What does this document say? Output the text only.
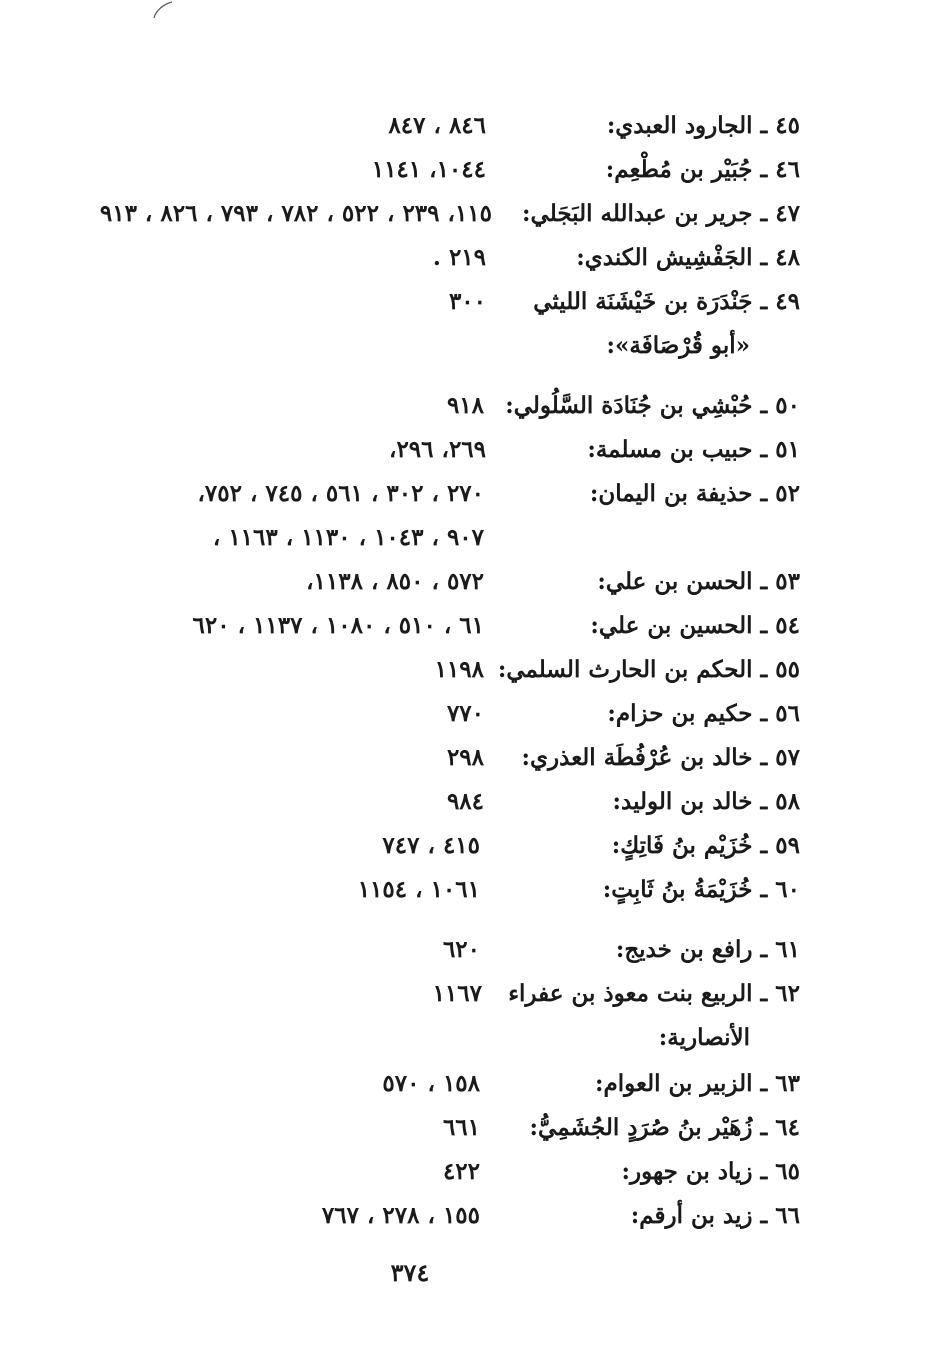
٤٥ ـ الجارود العبدي:
٨٤٦ ، ٨٤٧
٤٦ ـ جُبَيْر بن مُطْعِم:
١٠٤٤، ١١٤١
٤٧ ـ جرير بن عبدالله البَجَلي:
١١٥، ٢٣٩ ، ٥٢٢ ، ٧٨٢ ، ٧٩٣ ، ٨٢٦ ، ٩١٣
٤٨ ـ الجَفْشِيش الكندي:
٢١٩ .
٤٩ ـ جَنْدَرَة بن خَيْشَنَة الليثي
٣٠٠
«أبو قُرْصَافَة»:
٥٠ ـ حُبْشِي بن جُنَادَة السَّلُولي:
٩١٨
٥١ ـ حبيب بن مسلمة:
٢٦٩، ٢٩٦،
٥٢ ـ حذيفة بن اليمان:
٢٧٠ ، ٣٠٢ ، ٥٦١ ، ٧٤٥ ، ٧٥٢،
٩٠٧ ، ١٠٤٣ ، ١١٣٠ ، ١١٦٣ ،
٥٣ ـ الحسن بن علي:
٥٧٢ ، ٨٥٠ ، ١١٣٨،
٥٤ ـ الحسين بن علي:
٦١ ، ٥١٠ ، ١٠٨٠ ، ١١٣٧ ، ٦٢٠
٥٥ ـ الحكم بن الحارث السلمي:
١١٩٨
٥٦ ـ حكيم بن حزام:
٧٧٠
٥٧ ـ خالد بن عُرْفُطَة العذري:
٢٩٨
٥٨ ـ خالد بن الوليد:
٩٨٤
٥٩ ـ خُزَيْم بنُ فَاتِكٍ:
٤١٥ ، ٧٤٧
٦٠ ـ خُزَيْمَةُ بنُ ثَابِتٍ:
١٠٦١ ، ١١٥٤
٦١ ـ رافع بن خديج:
٦٢٠
٦٢ ـ الربيع بنت معوذ بن عفراء
١١٦٧
الأنصارية:
٦٣ ـ الزبير بن العوام:
١٥٨ ، ٥٧٠
٦٤ ـ زُهَيْر بنُ صُرَدٍ الجُشَمِيُّ:
٦٦١
٦٥ ـ زياد بن جهور:
٤٢٢
٦٦ ـ زيد بن أرقم:
١٥٥ ، ٢٧٨ ، ٧٦٧
٣٧٤
